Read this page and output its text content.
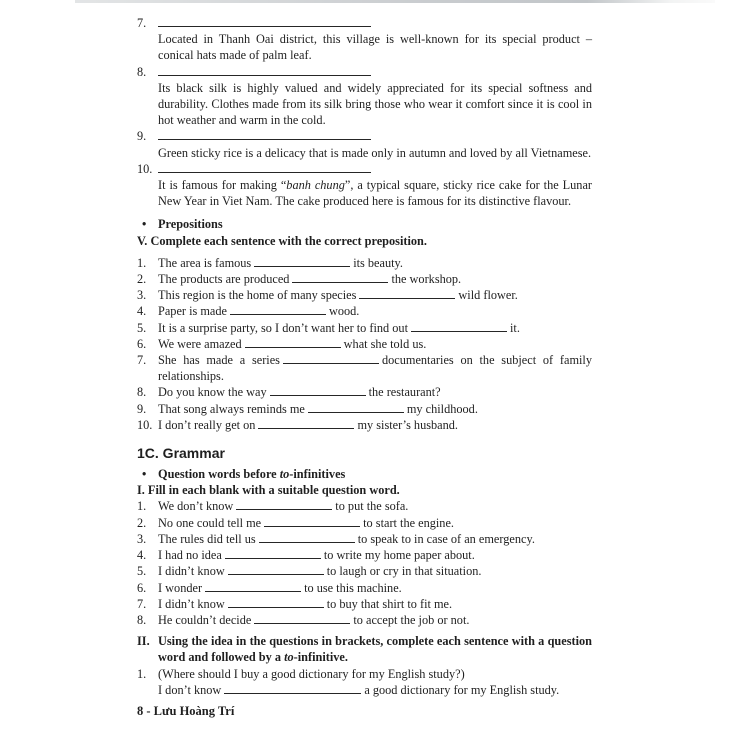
7.
Located in Thanh Oai district, this village is well-known for its special product – conical hats made of palm leaf.
8.
Its black silk is highly valued and widely appreciated for its special softness and durability. Clothes made from its silk bring those who wear it comfort since it is cool in hot weather and warm in the cold.
9.
Green sticky rice is a delicacy that is made only in autumn and loved by all Vietnamese.
10.
It is famous for making “banh chung”, a typical square, sticky rice cake for the Lunar New Year in Viet Nam. The cake produced here is famous for its distinctive flavour.
• Prepositions
V. Complete each sentence with the correct preposition.
1. The area is famous	its beauty.
2. The products are produced	the workshop.
3. This region is the home of many species	wild flower.
4. Paper is made	wood.
5. It is a surprise party, so I don’t want her to find out	it.
6. We were amazed	what she told us.
7. She has made a series	documentaries on the subject of family relationships.
8. Do you know the way	the restaurant?
9. That song always reminds me	my childhood.
10. I don’t really get on	my sister’s husband.
1C. Grammar
• Question words before to-infinitives
I. Fill in each blank with a suitable question word.
1. We don’t know	to put the sofa.
2. No one could tell me	to start the engine.
3. The rules did tell us	to speak to in case of an emergency.
4. I had no idea	to write my home paper about.
5. I didn’t know	to laugh or cry in that situation.
6. I wonder	to use this machine.
7. I didn’t know	to buy that shirt to fit me.
8. He couldn’t decide	to accept the job or not.
II. Using the idea in the questions in brackets, complete each sentence with a question word and followed by a to-infinitive.
1. (Where should I buy a good dictionary for my English study?)
I don’t know	a good dictionary for my English study.
8 - Lưu Hoàng Trí
